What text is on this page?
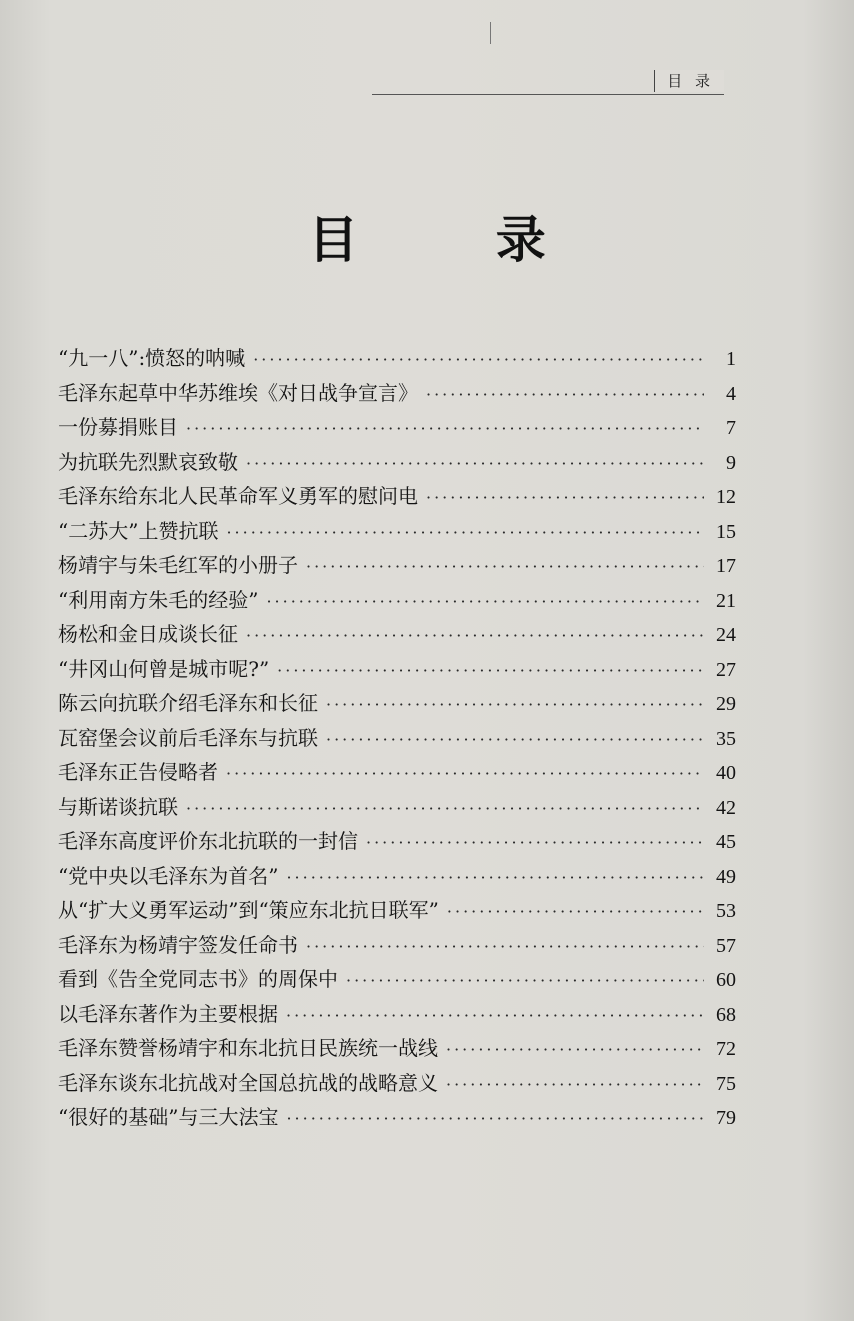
目 录
目 录
“九一八”:愤怒的呐喊 ·····	1
毛泽东起草中华苏维埃《对日战争宣言》 ·····	4
一份募捐账目 ·····	7
为抗联先烈默哀致敬 ·····	9
毛泽东给东北人民革命军义勇军的慰问电 ·····	12
“二苏大”上赞抗联 ·····	15
杨靖宇与朱毛红军的小册子 ·····	17
“利用南方朱毛的经验” ·····	21
杨松和金日成谈长征 ·····	24
“井冈山何曾是城市呢?” ·····	27
陈云向抗联介绍毛泽东和长征 ·····	29
瓦窑堡会议前后毛泽东与抗联 ·····	35
毛泽东正告侵略者 ·····	40
与斯诺谈抗联 ·····	42
毛泽东高度评价东北抗联的一封信 ·····	45
“党中央以毛泽东为首名” ·····	49
从“扩大义勇军运动”到“策应东北抗日联军” ·····	53
毛泽东为杨靖宇签发任命书 ·····	57
看到《告全党同志书》的周保中 ·····	60
以毛泽东著作为主要根据 ·····	68
毛泽东赞誉杨靖宇和东北抗日民族统一战线 ·····	72
毛泽东谈东北抗战对全国总抗战的战略意义 ·····	75
“很好的基础”与三大法宝 ·····	79
